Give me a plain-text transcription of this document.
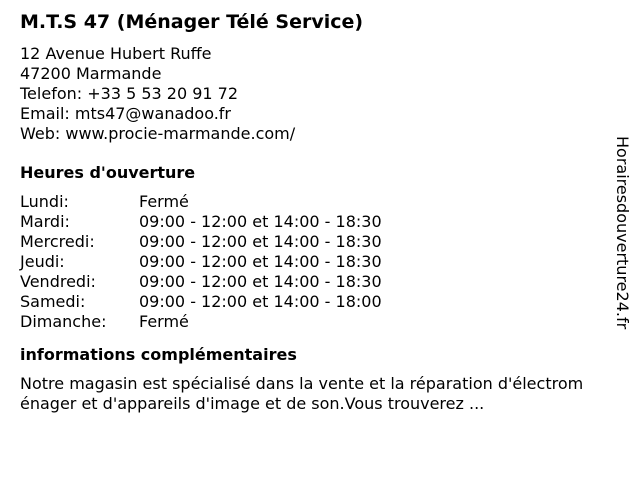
M.T.S 47 (Ménager Télé Service)
12 Avenue Hubert Ruffe
47200 Marmande
Telefon: +33 5 53 20 91 72
Email: mts47@wanadoo.fr
Web: www.procie-marmande.com/
Heures d'ouverture
Lundi:	Fermé
Mardi:	09:00 - 12:00 et 14:00 - 18:30
Mercredi:	09:00 - 12:00 et 14:00 - 18:30
Jeudi:	09:00 - 12:00 et 14:00 - 18:30
Vendredi:	09:00 - 12:00 et 14:00 - 18:30
Samedi:	09:00 - 12:00 et 14:00 - 18:00
Dimanche:	Fermé
informations complémentaires
Notre magasin est spécialisé dans la vente et la réparation d'électroménager et d'appareils d'image et de son.Vous trouverez ...
Horairesdouverture24.fr
